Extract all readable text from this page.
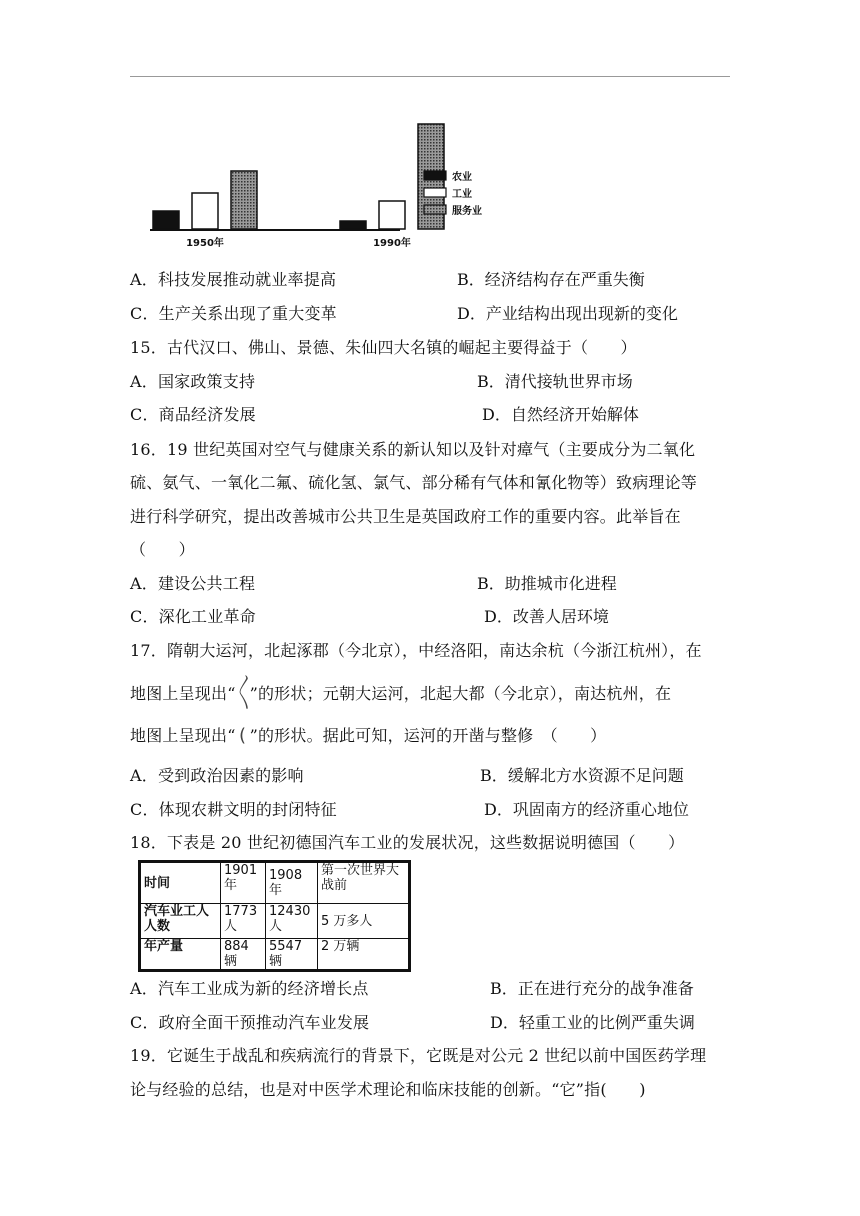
1950年	1990年
农业
工业
服务业
A．科技发展推动就业率提高	B．经济结构存在严重失衡
C．生产关系出现了重大变革	D．产业结构出现出现新的变化
15．古代汉口、佛山、景德、朱仙四大名镇的崛起主要得益于（　　）
A．国家政策支持	B．清代接轨世界市场
C．商品经济发展	D．自然经济开始解体
16．19 世纪英国对空气与健康关系的新认知以及针对瘴气（主要成分为二氧化
硫、氨气、一氧化二氟、硫化氢、氯气、部分稀有气体和氰化物等）致病理论等
进行科学研究，提出改善城市公共卫生是英国政府工作的重要内容。此举旨在
（　　）
A．建设公共工程	B．助推城市化进程
C．深化工业革命	D．改善人居环境
17．隋朝大运河，北起涿郡（今北京），中经洛阳，南达余杭（今浙江杭州），在
地图上呈现出“〱”的形状；元朝大运河，北起大都（今北京），南达杭州，在
地图上呈现出“ ( ”的形状。据此可知，运河的开凿与整修　（　　）
A．受到政治因素的影响	B．缓解北方水资源不足问题
C．体现农耕文明的封闭特征	D．巩固南方的经济重心地位
18．下表是 20 世纪初德国汽车工业的发展状况，这些数据说明德国（　　）
时间	1901 年	1908 年	第一次世界大战前
汽车业工人人数	1773 人	12430 人	5 万多人
年产量	884 辆	5547 辆	2 万辆
A．汽车工业成为新的经济增长点	B．正在进行充分的战争准备
C．政府全面干预推动汽车业发展	D．轻重工业的比例严重失调
19．它诞生于战乱和疾病流行的背景下，它既是对公元 2 世纪以前中国医药学理
论与经验的总结，也是对中医学术理论和临床技能的创新。“它”指(　　)
